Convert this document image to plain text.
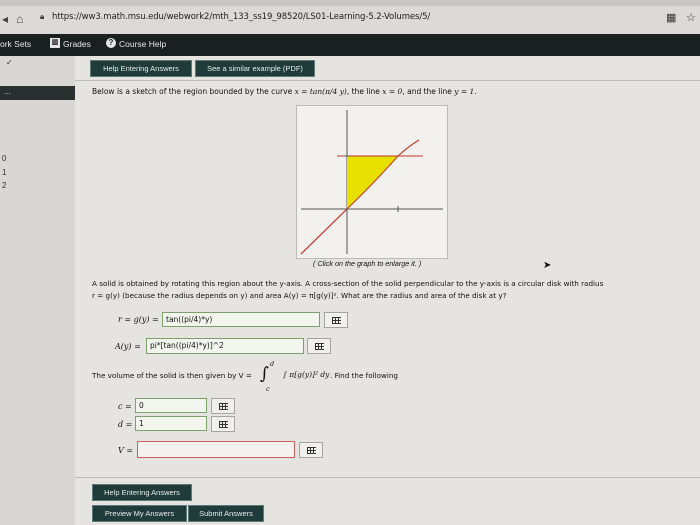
◂ ⌂ 🔒︎ https://ww3.math.msu.edu/webwork2/mth_133_ss19_98520/LS01-Learning-5.2-Volumes/5/	▦ ☆
ork Sets	▥ Grades	? Course Help
✓
...
0
1
2
Help Entering Answers	See a similar example (PDF)
Below is a sketch of the region bounded by the curve x = tan(π/4 y), the line x = 0, and the line y = 1.
( Click on the graph to enlarge it. )
A solid is obtained by rotating this region about the y-axis. A cross-section of the solid perpendicular to the y-axis is a circular disk with radius
r = g(y) (because the radius depends on y) and area A(y) = π[g(y)]². What are the radius and area of the disk at y?
r = g(y) = tan((pi/4)*y)
A(y) =	pi*[tan((pi/4)*y)]^2
The volume of the solid is then given by V = ∫ d
c
∫ π[g(y)]² dy . Find the following
c = 0
d = 1
V =
Help Entering Answers
Preview My Answers	Submit Answers
➤
